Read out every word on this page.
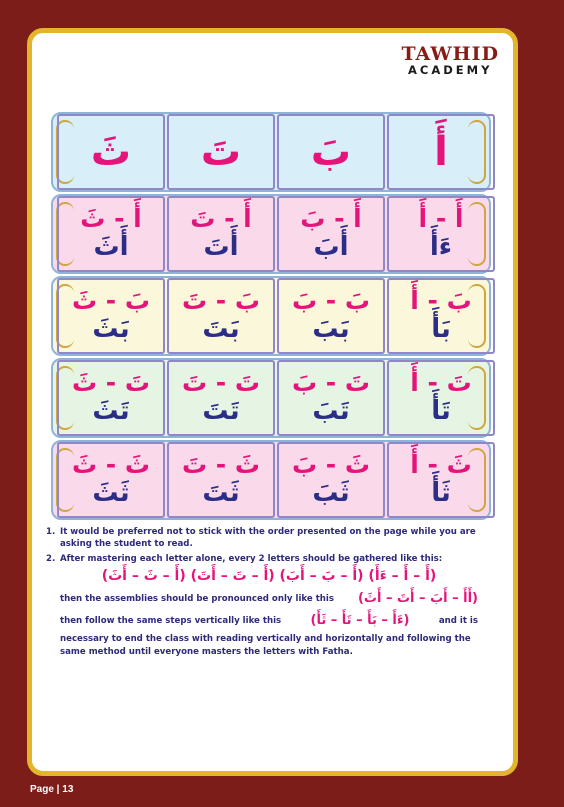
TAWHID
ACADEMY
أَ
بَ
تَ
ثَ
أَ - أَ
ءَأَ
أَ - بَ
أَبَ
أَ - تَ
أَتَ
أَ - ثَ
أَثَ
بَ - أَ
بَأَ
بَ - بَ
بَبَ
بَ - تَ
بَتَ
بَ - ثَ
بَثَ
تَ - أَ
تَأَ
تَ - بَ
تَبَ
تَ - تَ
تَتَ
تَ - ثَ
تَثَ
ثَ - أَ
ثَأَ
ثَ - بَ
ثَبَ
ثَ - تَ
ثَتَ
ثَ - ثَ
ثَثَ
1. It would be preferred not to stick with the order presented on the page while you are asking the student to read.
2. After mastering each letter alone, every 2 letters should be gathered like this:
(أَ – أَ – ءَأَ) (أَ – بَ – أَبَ) (أَ – تَ – أَتَ) (أَ – ثَ – أَثَ)
then the assemblies should be pronounced only like this (أَأَ – أَبَ – أَتَ – أَثَ)
then follow the same steps vertically like this (ءَأَ – بَأَ – تَأَ – ثَأَ)	and it is
necessary to end the class with reading vertically and horizontally and following the same method until everyone masters the letters with Fatha.
Page | 13
